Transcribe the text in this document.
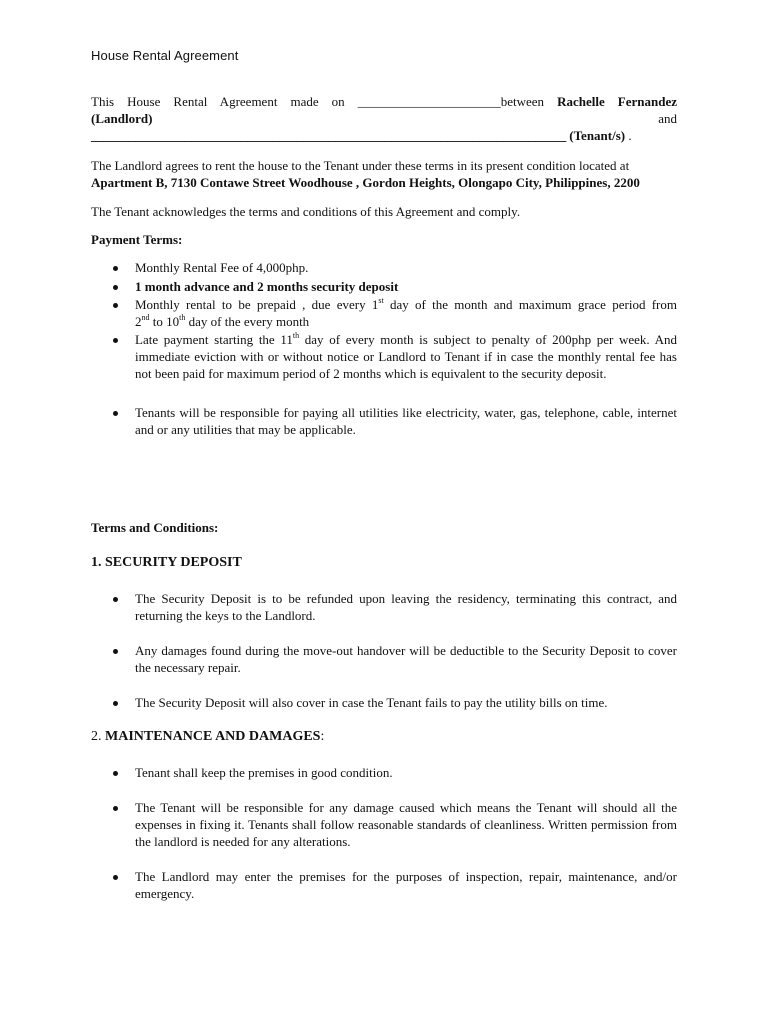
House Rental Agreement
This House Rental Agreement made on ______________________between Rachelle Fernandez
(Landlord)	and
____________________________________________________________________________ (Tenant/s) .
The Landlord agrees to rent the house to the Tenant under these terms in its present condition located at
Apartment B, 7130 Contawe Street Woodhouse , Gordon Heights, Olongapo City, Philippines, 2200
The Tenant acknowledges the terms and conditions of this Agreement and comply.
Payment Terms:
Monthly Rental Fee of 4,000php.
1 month advance and 2 months security deposit
Monthly rental to be prepaid , due every 1st day of the month and maximum grace period from
2nd to 10th day of the every month
Late payment starting the 11th day of every month is subject to penalty of 200php per week. And immediate eviction with or without notice or Landlord to Tenant if in case the monthly rental fee has not been paid for maximum period of 2 months which is equivalent to the security deposit.
Tenants will be responsible for paying all utilities like electricity, water, gas, telephone, cable, internet and or any utilities that may be applicable.
Terms and Conditions:
1. SECURITY DEPOSIT
The Security Deposit is to be refunded upon leaving the residency, terminating this contract, and returning the keys to the Landlord.
Any damages found during the move-out handover will be deductible to the Security Deposit to cover the necessary repair.
The Security Deposit will also cover in case the Tenant fails to pay the utility bills on time.
2. MAINTENANCE AND DAMAGES:
Tenant shall keep the premises in good condition.
The Tenant will be responsible for any damage caused which means the Tenant will should all the expenses in fixing it. Tenants shall follow reasonable standards of cleanliness. Written permission from the landlord is needed for any alterations.
The Landlord may enter the premises for the purposes of inspection, repair, maintenance, and/or emergency.
